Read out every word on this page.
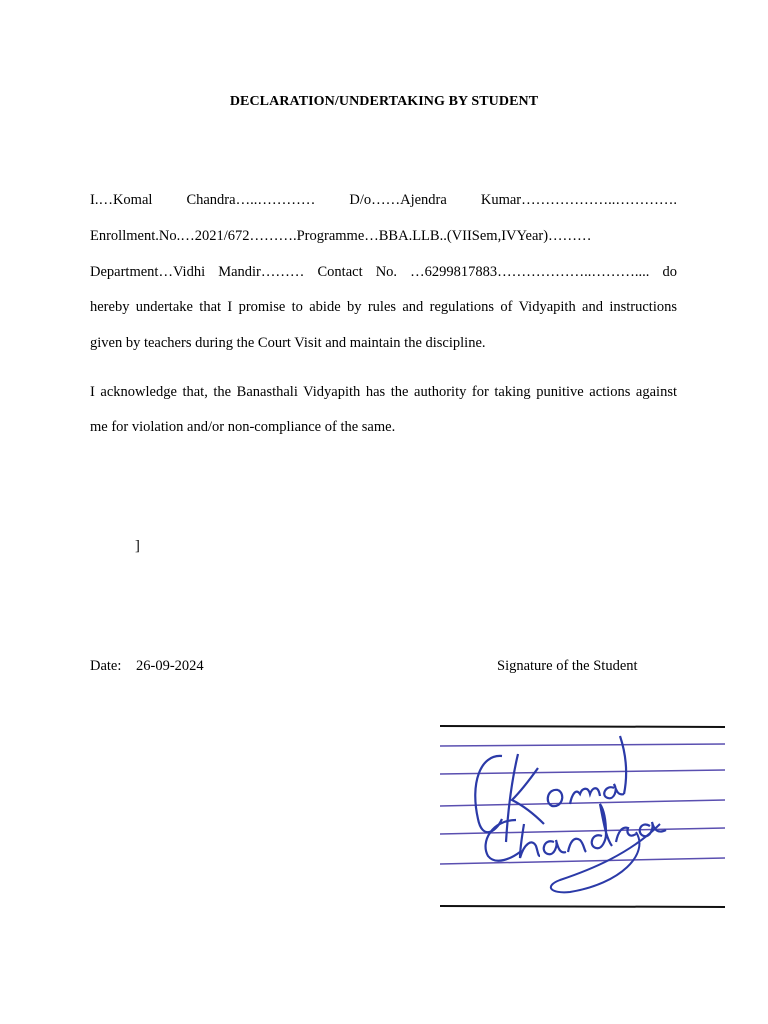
DECLARATION/UNDERTAKING BY STUDENT
I.…Komal Chandra…..………… D/o……Ajendra Kumar………………..………….
Enrollment.No.…2021/672……….Programme…BBA.LLB..(VIISem,IVYear)………
Department…Vidhi Mandir……… Contact No. …6299817883………………..……….... do
hereby undertake that I promise to abide by rules and regulations of Vidyapith and instructions
given by teachers during the Court Visit and maintain the discipline.
I acknowledge that, the Banasthali Vidyapith has the authority for taking punitive actions against
me for violation and/or non-compliance of the same.
]
Date: 26-09-2024	Signature of the Student
